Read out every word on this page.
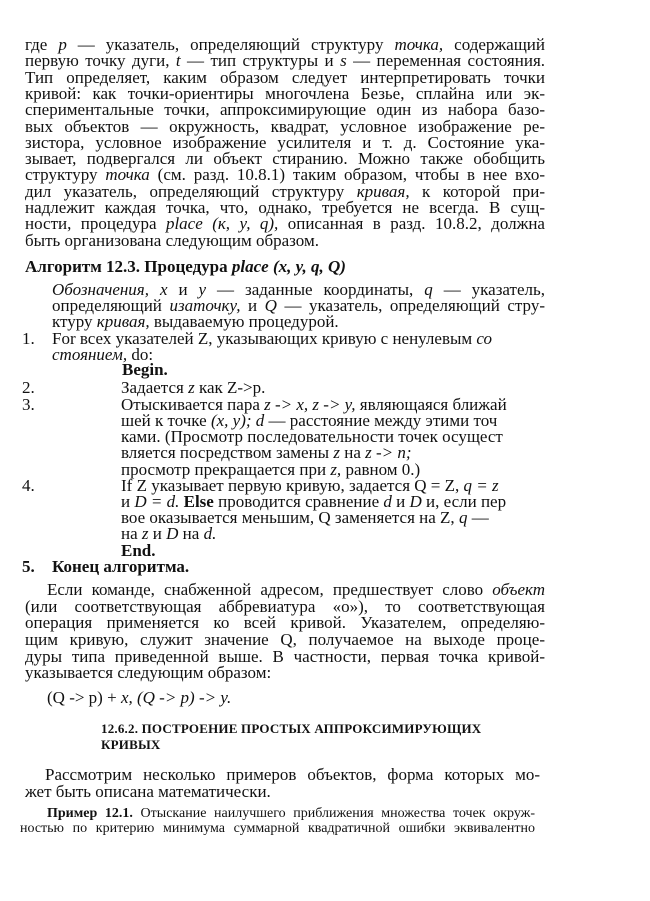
где p — указатель, определяющий структуру точка, содержащий
первую точку дуги, t — тип структуры и s — переменная состояния.
Тип определяет, каким образом следует интерпретировать точки
кривой: как точки-ориентиры многочлена Безье, сплайна или эк-
спериментальные точки, аппроксимирующие один из набора базо-
вых объектов — окружность, квадрат, условное изображение ре-
зистора, условное изображение усилителя и т. д. Состояние ука-
зывает, подвергался ли объект стиранию. Можно также обобщить
структуру точка (см. разд. 10.8.1) таким образом, чтобы в нее вхо-
дил указатель, определяющий структуру кривая, к которой при-
надлежит каждая точка, что, однако, требуется не всегда. В сущ-
ности, процедура place (к, у, q), описанная в разд. 10.8.2, должна
быть организована следующим образом.
Алгоритм 12.3. Процедура place (x, y, q, Q)
Обозначения, x и y — заданные координаты, q — указатель,
определяющий изаточку, и Q — указатель, определяющий стру-
ктуру кривая, выдаваемую процедурой.
1.
2.
3.
4.
5.
For всех указателей Z, указывающих кривую с ненулевым со
стоянием, do:
Begin.
Задается z как Z->p.
Отыскивается пара z -> x, z -> y, являющаяся ближай
шей к точке (x, y); d — расстояние между этими точ
ками. (Просмотр последовательности точек осущест
вляется посредством замены z на z -> n;
просмотр прекращается при z, равном 0.)
If Z указывает первую кривую, задается Q = Z, q = z
и D = d. Else проводится сравнение d и D и, если пер
вое оказывается меньшим, Q заменяется на Z, q —
на z и D на d.
End.
Конец алгоритма.
Если команде, снабженной адресом, предшествует слово объект
(или соответствующая аббревиатура «о»), то соответствующая
операция применяется ко всей кривой. Указателем, определяю-
щим кривую, служит значение Q, получаемое на выходе проце-
дуры типа приведенной выше. В частности, первая точка кривой-
указывается следующим образом:
(Q -> p) + x, (Q -> p) -> y.
12.6.2. ПОСТРОЕНИЕ ПРОСТЫХ АППРОКСИМИРУЮЩИХ
КРИВЫХ
Рассмотрим несколько примеров объектов, форма которых мо-
жет быть описана математически.
Пример 12.1. Отыскание наилучшего приближения множества точек окруж-
ностью по критерию минимума суммарной квадратичной ошибки эквивалентно
